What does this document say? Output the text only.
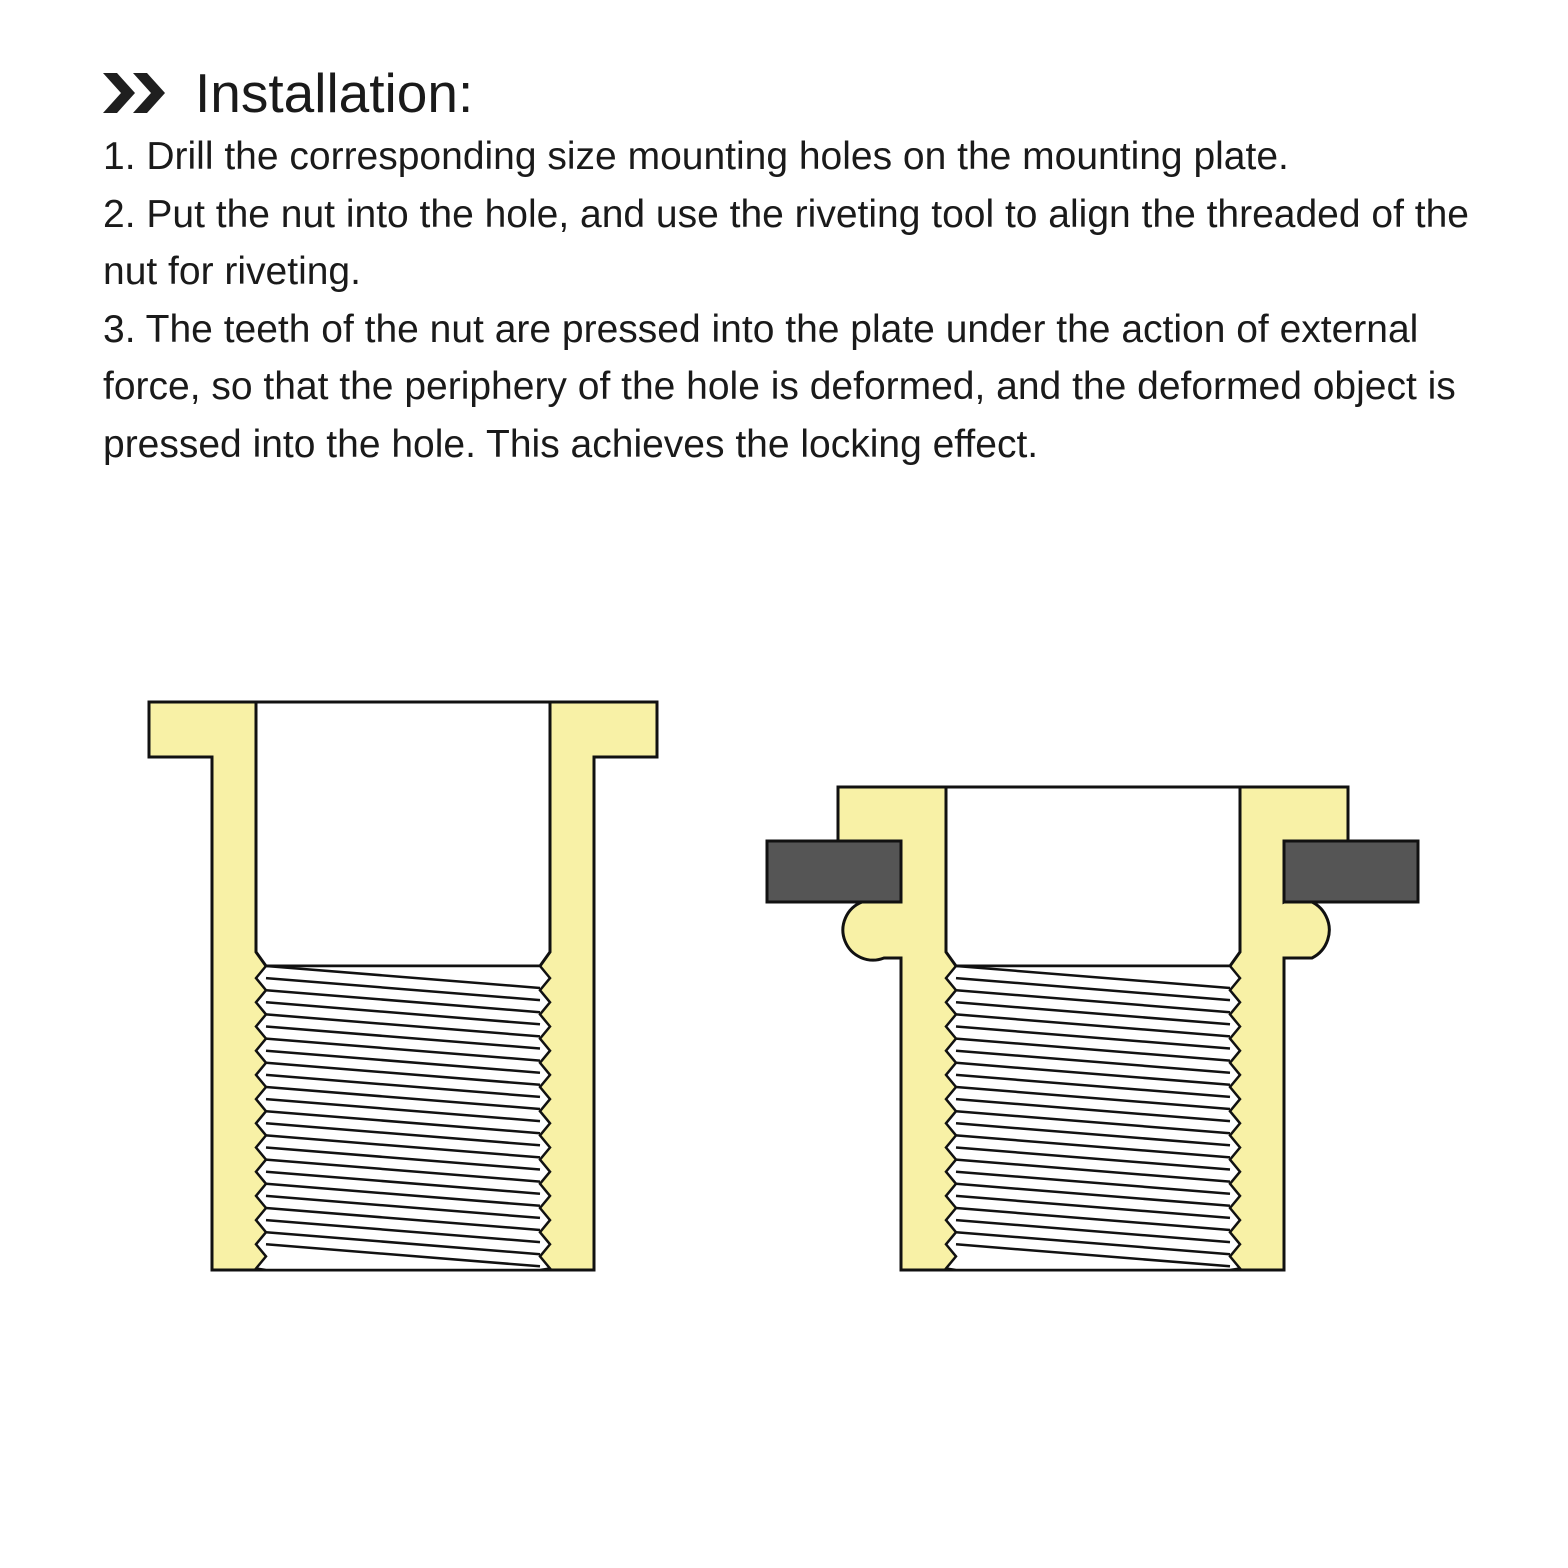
Installation:

1. Drill the corresponding size mounting holes on the mounting plate.

2. Put the nut into the hole, and use the riveting tool to align the threaded of the nut for riveting.

3. The teeth of the nut are pressed into the plate under the action of external force, so that the periphery of the hole is deformed, and the deformed object is pressed into the hole. This achieves the locking effect.
